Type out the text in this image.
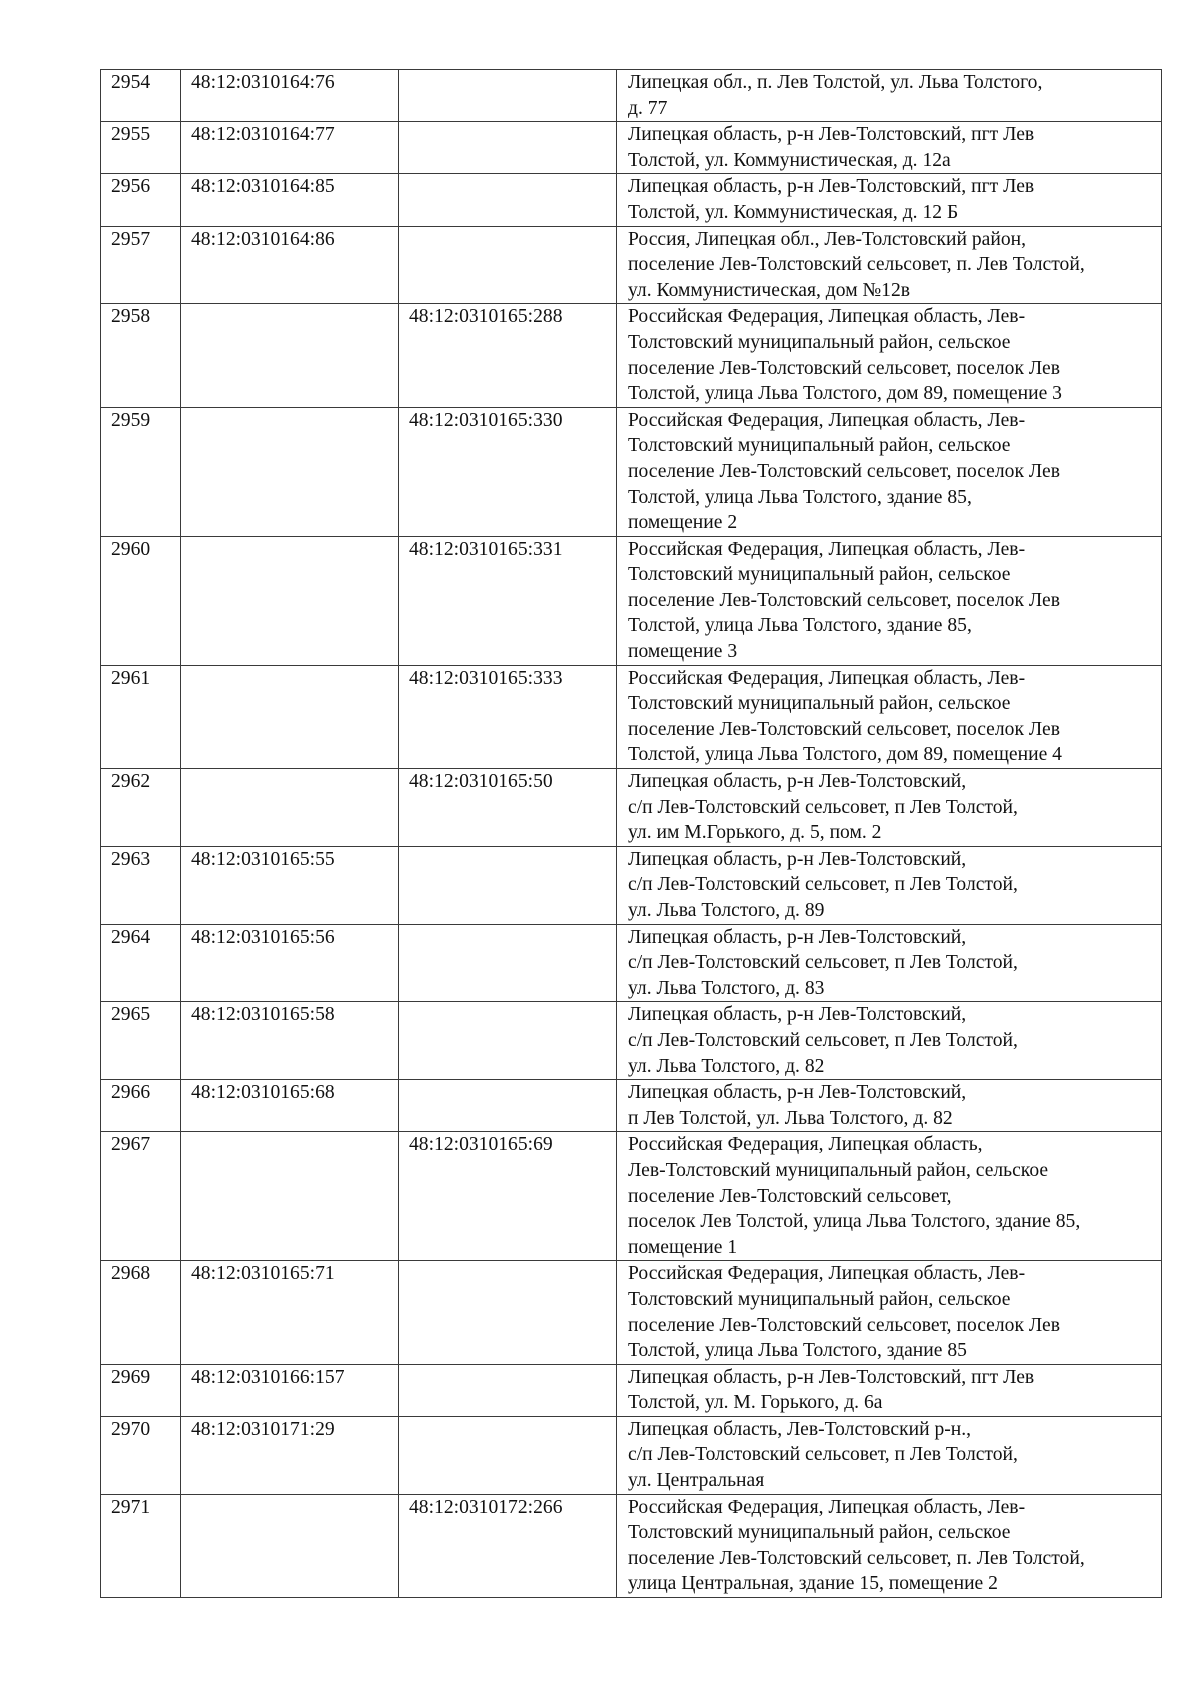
2954	48:12:0310164:76		Липецкая обл., п. Лев Толстой, ул. Льва Толстого,
д. 77
2955	48:12:0310164:77		Липецкая область, р-н Лев-Толстовский, пгт Лев
Толстой, ул. Коммунистическая, д. 12а
2956	48:12:0310164:85		Липецкая область, р-н Лев-Толстовский, пгт Лев
Толстой, ул. Коммунистическая, д. 12 Б
2957	48:12:0310164:86		Россия, Липецкая обл., Лев-Толстовский район,
поселение Лев-Толстовский сельсовет, п. Лев Толстой,
ул. Коммунистическая, дом №12в
2958		48:12:0310165:288	Российская Федерация, Липецкая область, Лев-
Толстовский муниципальный район, сельское
поселение Лев-Толстовский сельсовет, поселок Лев
Толстой, улица Льва Толстого, дом 89, помещение 3
2959		48:12:0310165:330	Российская Федерация, Липецкая область, Лев-
Толстовский муниципальный район, сельское
поселение Лев-Толстовский сельсовет, поселок Лев
Толстой, улица Льва Толстого, здание 85,
помещение 2
2960		48:12:0310165:331	Российская Федерация, Липецкая область, Лев-
Толстовский муниципальный район, сельское
поселение Лев-Толстовский сельсовет, поселок Лев
Толстой, улица Льва Толстого, здание 85,
помещение 3
2961		48:12:0310165:333	Российская Федерация, Липецкая область, Лев-
Толстовский муниципальный район, сельское
поселение Лев-Толстовский сельсовет, поселок Лев
Толстой, улица Льва Толстого, дом 89, помещение 4
2962		48:12:0310165:50	Липецкая область, р-н Лев-Толстовский,
с/п Лев-Толстовский сельсовет, п Лев Толстой,
ул. им М.Горького, д. 5, пом. 2
2963	48:12:0310165:55		Липецкая область, р-н Лев-Толстовский,
с/п Лев-Толстовский сельсовет, п Лев Толстой,
ул. Льва Толстого, д. 89
2964	48:12:0310165:56		Липецкая область, р-н Лев-Толстовский,
с/п Лев-Толстовский сельсовет, п Лев Толстой,
ул. Льва Толстого, д. 83
2965	48:12:0310165:58		Липецкая область, р-н Лев-Толстовский,
с/п Лев-Толстовский сельсовет, п Лев Толстой,
ул. Льва Толстого, д. 82
2966	48:12:0310165:68		Липецкая область, р-н Лев-Толстовский,
п Лев Толстой, ул. Льва Толстого, д. 82
2967		48:12:0310165:69	Российская Федерация, Липецкая область,
Лев-Толстовский муниципальный район, сельское
поселение Лев-Толстовский сельсовет,
поселок Лев Толстой, улица Льва Толстого, здание 85,
помещение 1
2968	48:12:0310165:71		Российская Федерация, Липецкая область, Лев-
Толстовский муниципальный район, сельское
поселение Лев-Толстовский сельсовет, поселок Лев
Толстой, улица Льва Толстого, здание 85
2969	48:12:0310166:157		Липецкая область, р-н Лев-Толстовский, пгт Лев
Толстой, ул. М. Горького, д. 6а
2970	48:12:0310171:29		Липецкая область, Лев-Толстовский р-н.,
с/п Лев-Толстовский сельсовет, п Лев Толстой,
ул. Центральная
2971		48:12:0310172:266	Российская Федерация, Липецкая область, Лев-
Толстовский муниципальный район, сельское
поселение Лев-Толстовский сельсовет, п. Лев Толстой,
улица Центральная, здание 15, помещение 2
